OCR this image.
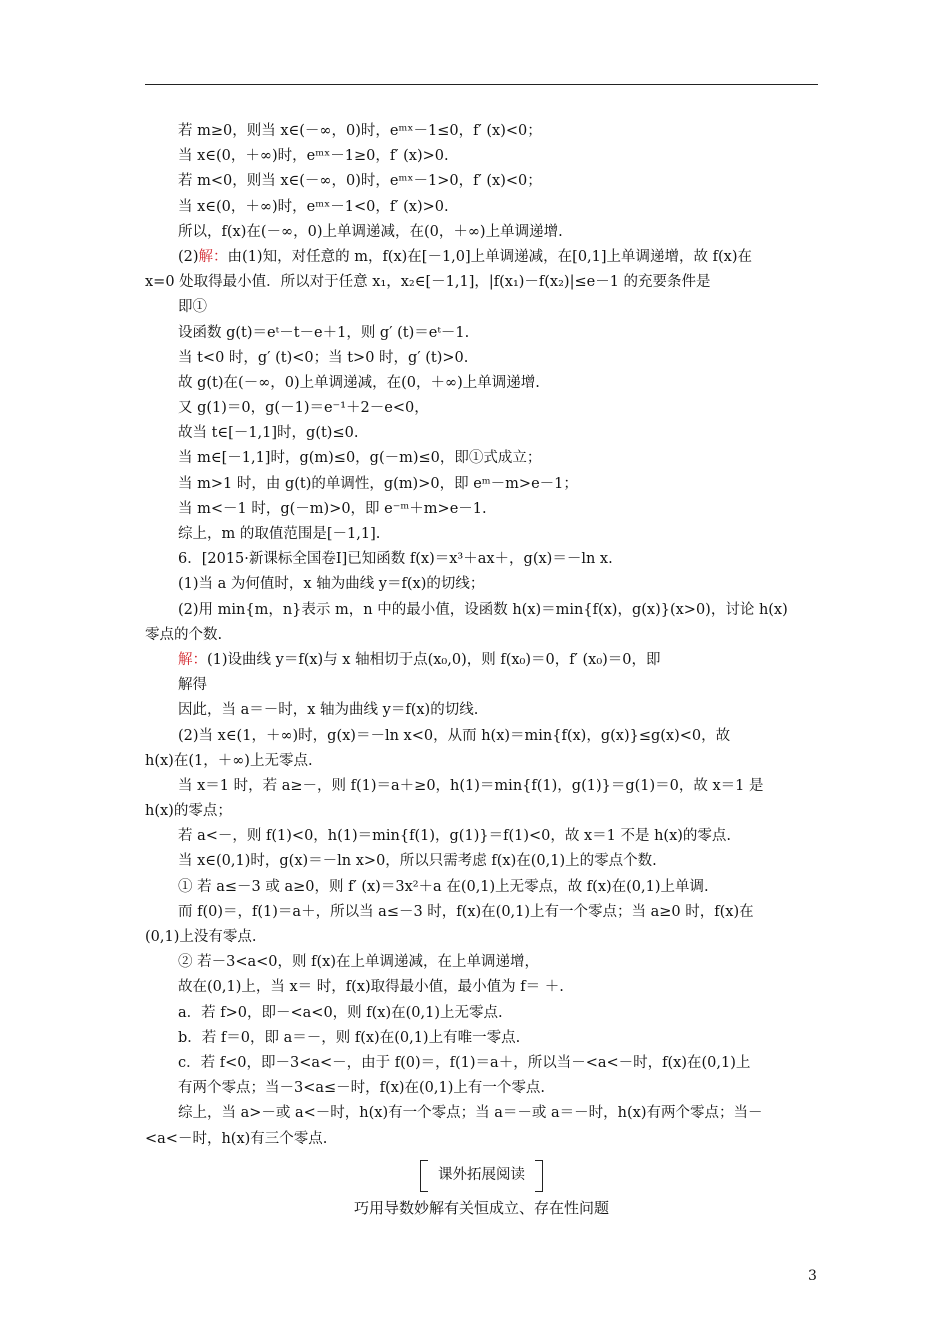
若 m≥0，则当 x∈(－∞，0)时，eᵐˣ－1≤0，f′ (x)<0；
当 x∈(0，＋∞)时，eᵐˣ－1≥0，f′ (x)>0.
若 m<0，则当 x∈(－∞，0)时，eᵐˣ－1>0，f′ (x)<0；
当 x∈(0，＋∞)时，eᵐˣ－1<0，f′ (x)>0.
所以，f(x)在(－∞，0)上单调递减，在(0，＋∞)上单调递增.
(2)解：由(1)知，对任意的 m，f(x)在[－1,0]上单调递减，在[0,1]上单调递增，故 f(x)在
x=0 处取得最小值．所以对于任意 x₁，x₂∈[－1,1]，|f(x₁)－f(x₂)|≤e－1 的充要条件是
即①
设函数 g(t)＝eᵗ－t－e＋1，则 g′ (t)＝eᵗ－1.
当 t<0 时，g′ (t)<0；当 t>0 时，g′ (t)>0.
故 g(t)在(－∞，0)上单调递减，在(0，＋∞)上单调递增.
又 g(1)＝0，g(－1)＝e⁻¹＋2－e<0，
故当 t∈[－1,1]时，g(t)≤0.
当 m∈[－1,1]时，g(m)≤0，g(－m)≤0，即①式成立；
当 m>1 时，由 g(t)的单调性，g(m)>0，即 eᵐ－m>e－1；
当 m<－1 时，g(－m)>0，即 e⁻ᵐ＋m>e－1.
综上，m 的取值范围是[－1,1].
6．[2015·新课标全国卷Ⅰ]已知函数 f(x)＝x³＋ax＋，g(x)＝－ln x.
(1)当 a 为何值时，x 轴为曲线 y＝f(x)的切线；
(2)用 min{m，n}表示 m，n 中的最小值，设函数 h(x)＝min{f(x)，g(x)}(x>0)，讨论 h(x)
零点的个数.
解：(1)设曲线 y＝f(x)与 x 轴相切于点(x₀,0)，则 f(x₀)＝0，f′ (x₀)＝0，即
解得
因此，当 a＝－时，x 轴为曲线 y＝f(x)的切线.
(2)当 x∈(1，＋∞)时，g(x)＝－ln x<0，从而 h(x)＝min{f(x)，g(x)}≤g(x)<0，故
h(x)在(1，＋∞)上无零点.
当 x＝1 时，若 a≥－，则 f(1)＝a＋≥0，h(1)＝min{f(1)，g(1)}＝g(1)＝0，故 x＝1 是
h(x)的零点；
若 a<－，则 f(1)<0，h(1)＝min{f(1)，g(1)}＝f(1)<0，故 x＝1 不是 h(x)的零点.
当 x∈(0,1)时，g(x)＝－ln x>0，所以只需考虑 f(x)在(0,1)上的零点个数.
① 若 a≤－3 或 a≥0，则 f′ (x)＝3x²＋a 在(0,1)上无零点，故 f(x)在(0,1)上单调.
而 f(0)＝，f(1)＝a＋，所以当 a≤－3 时，f(x)在(0,1)上有一个零点；当 a≥0 时，f(x)在
(0,1)上没有零点.
② 若－3<a<0，则 f(x)在上单调递减，在上单调递增，
故在(0,1)上，当 x＝ 时，f(x)取得最小值，最小值为 f＝ ＋.
a．若 f>0，即－<a<0，则 f(x)在(0,1)上无零点.
b．若 f＝0，即 a＝－，则 f(x)在(0,1)上有唯一零点.
c．若 f<0，即－3<a<－，由于 f(0)＝，f(1)＝a＋，所以当－<a<－时，f(x)在(0,1)上
有两个零点；当－3<a≤－时，f(x)在(0,1)上有一个零点.
综上，当 a>－或 a<－时，h(x)有一个零点；当 a＝－或 a＝－时，h(x)有两个零点；当－
<a<－时，h(x)有三个零点.
课外拓展阅读
巧用导数妙解有关恒成立、存在性问题
3
